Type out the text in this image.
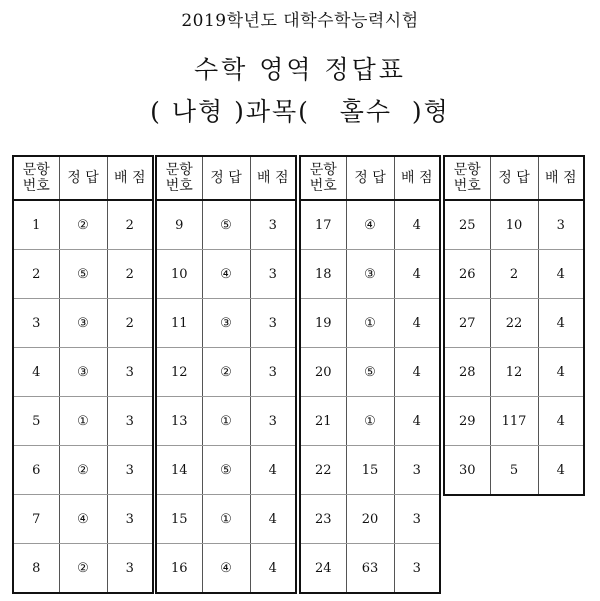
2019학년도 대학수학능력시험
수학 영역 정답표
( 나형 )과목(   홀수  )형
문항
번호	정 답	배 점
1	②	2
2	⑤	2
3	③	2
4	③	3
5	①	3
6	②	3
7	④	3
8	②	3
문항
번호	정 답	배 점
9	⑤	3
10	④	3
11	③	3
12	②	3
13	①	3
14	⑤	4
15	①	4
16	④	4
문항
번호	정 답	배 점
17	④	4
18	③	4
19	①	4
20	⑤	4
21	①	4
22	15	3
23	20	3
24	63	3
문항
번호	정 답	배 점
25	10	3
26	2	4
27	22	4
28	12	4
29	117	4
30	5	4
